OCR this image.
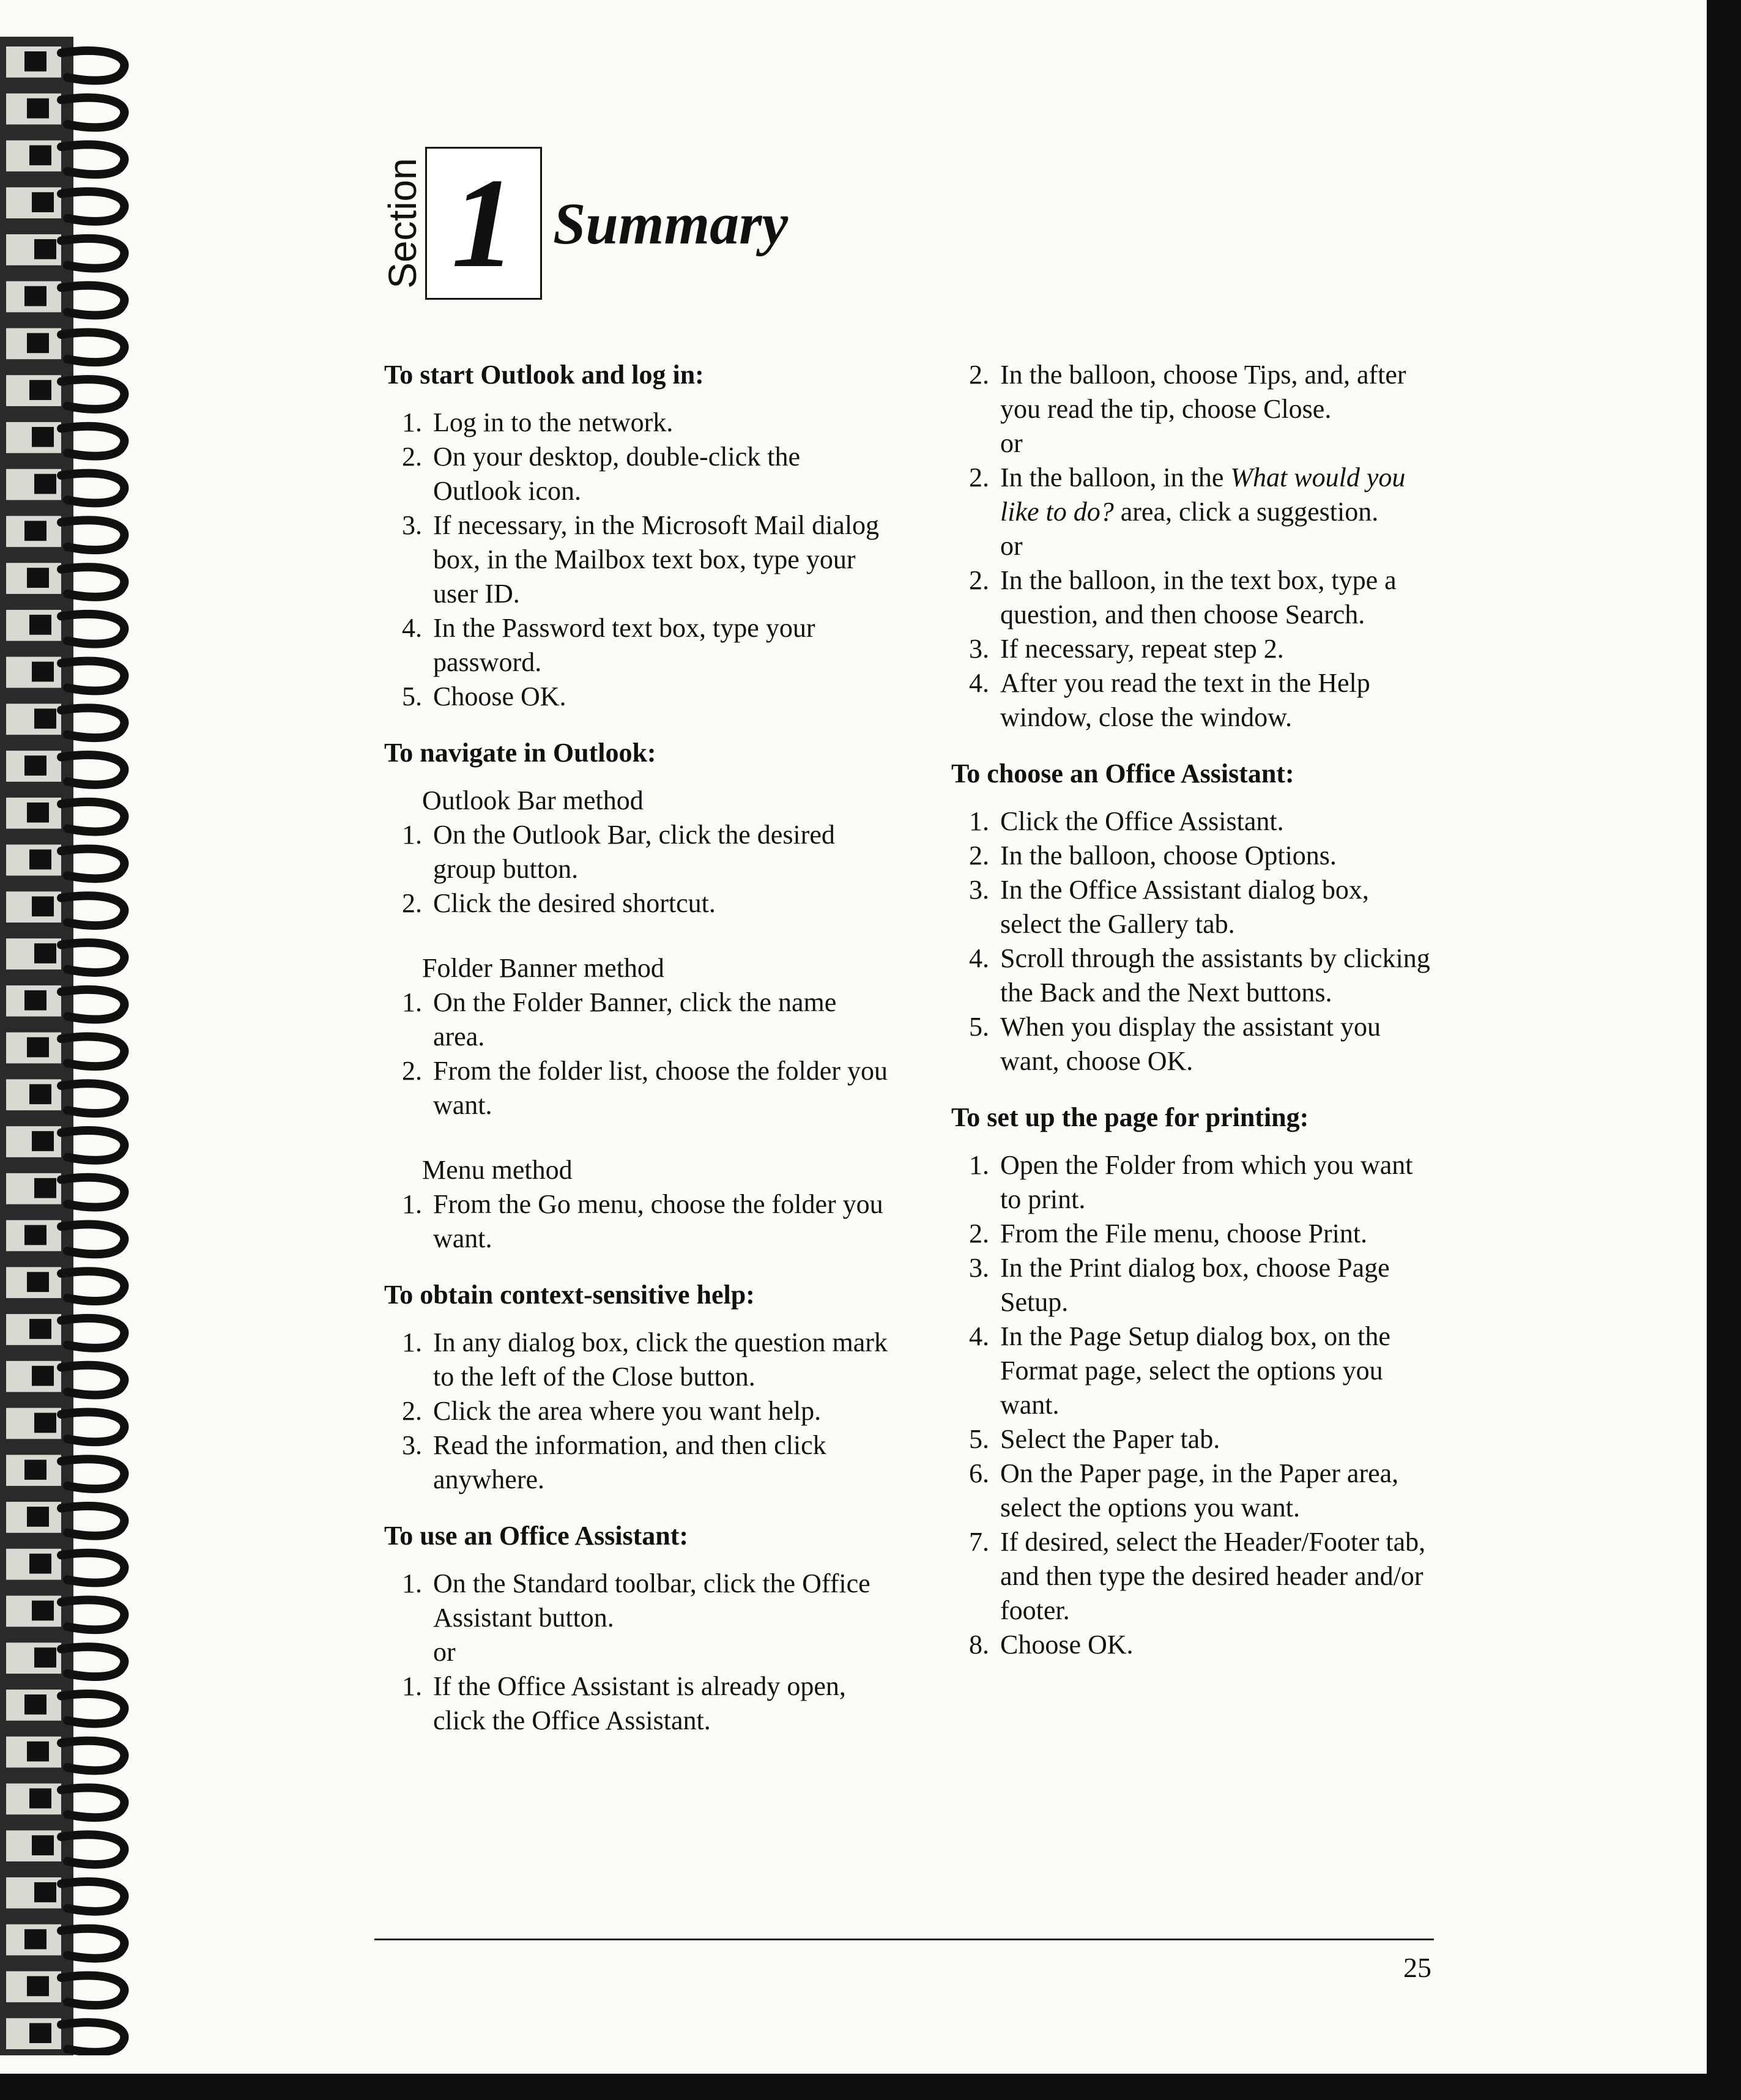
Section 1 Summary
To start Outlook and log in:
1. Log in to the network.
2. On your desktop, double-click the Outlook icon.
3. If necessary, in the Microsoft Mail dialog box, in the Mailbox text box, type your user ID.
4. In the Password text box, type your password.
5. Choose OK.
To navigate in Outlook:
Outlook Bar method
1. On the Outlook Bar, click the desired group button.
2. Click the desired shortcut.
Folder Banner method
1. On the Folder Banner, click the name area.
2. From the folder list, choose the folder you want.
Menu method
1. From the Go menu, choose the folder you want.
To obtain context-sensitive help:
1. In any dialog box, click the question mark to the left of the Close button.
2. Click the area where you want help.
3. Read the information, and then click anywhere.
To use an Office Assistant:
1. On the Standard toolbar, click the Office Assistant button.
or
1. If the Office Assistant is already open, click the Office Assistant.
2. In the balloon, choose Tips, and, after you read the tip, choose Close.
or
2. In the balloon, in the What would you like to do? area, click a suggestion.
or
2. In the balloon, in the text box, type a question, and then choose Search.
3. If necessary, repeat step 2.
4. After you read the text in the Help window, close the window.
To choose an Office Assistant:
1. Click the Office Assistant.
2. In the balloon, choose Options.
3. In the Office Assistant dialog box, select the Gallery tab.
4. Scroll through the assistants by clicking the Back and the Next buttons.
5. When you display the assistant you want, choose OK.
To set up the page for printing:
1. Open the Folder from which you want to print.
2. From the File menu, choose Print.
3. In the Print dialog box, choose Page Setup.
4. In the Page Setup dialog box, on the Format page, select the options you want.
5. Select the Paper tab.
6. On the Paper page, in the Paper area, select the options you want.
7. If desired, select the Header/Footer tab, and then type the desired header and/or footer.
8. Choose OK.
25
